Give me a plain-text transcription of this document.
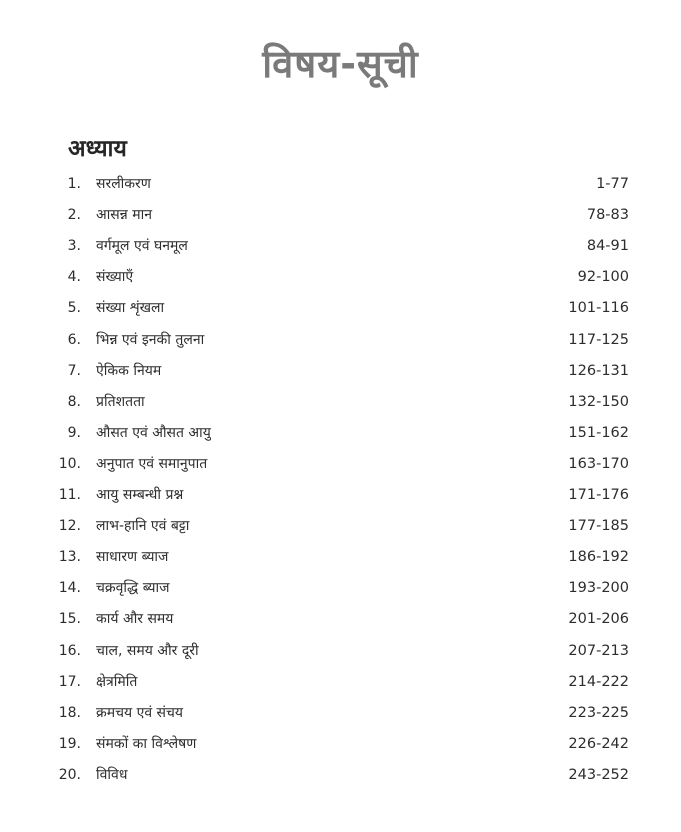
विषय-सूची
अध्याय
1. सरलीकरण	1-77
2. आसन्न मान	78-83
3. वर्गमूल एवं घनमूल	84-91
4. संख्याएँ	92-100
5. संख्या शृंखला	101-116
6. भिन्न एवं इनकी तुलना	117-125
7. ऐकिक नियम	126-131
8. प्रतिशतता	132-150
9. औसत एवं औसत आयु	151-162
10. अनुपात एवं समानुपात	163-170
11. आयु सम्बन्धी प्रश्न	171-176
12. लाभ-हानि एवं बट्टा	177-185
13. साधारण ब्याज	186-192
14. चक्रवृद्धि ब्याज	193-200
15. कार्य और समय	201-206
16. चाल, समय और दूरी	207-213
17. क्षेत्रमिति	214-222
18. क्रमचय एवं संचय	223-225
19. संमकों का विश्लेषण	226-242
20. विविध	243-252
